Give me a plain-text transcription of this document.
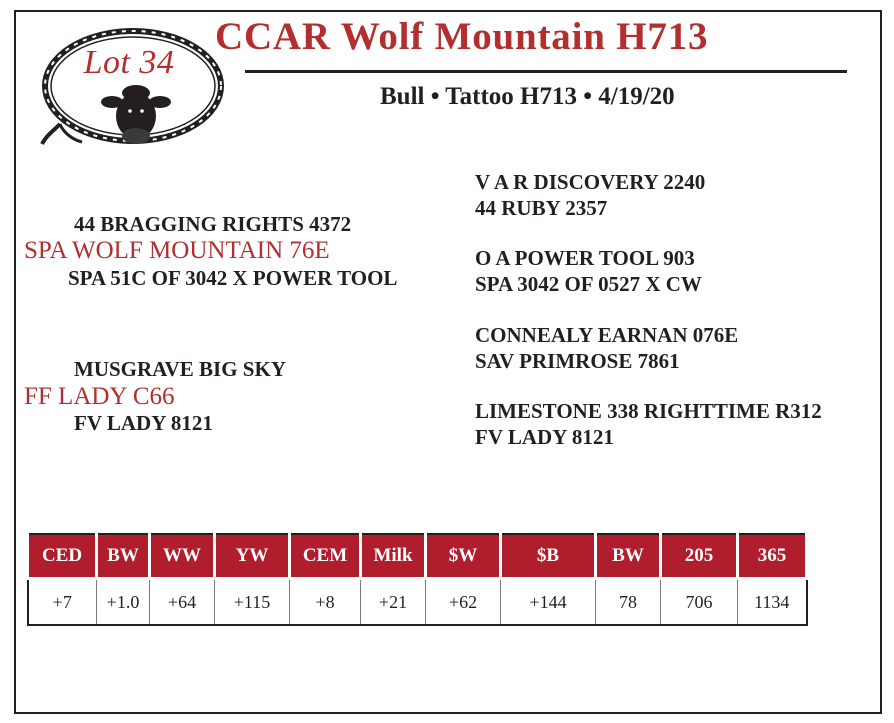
Lot 34
CCAR Wolf Mountain H713
Bull • Tattoo H713 • 4/19/20
V A R DISCOVERY 2240
44 RUBY 2357
44 BRAGGING RIGHTS 4372
SPA WOLF MOUNTAIN 76E	O A POWER TOOL 903
SPA 51C OF 3042 X POWER TOOL	SPA 3042 OF 0527 X CW
CONNEALY EARNAN 076E
SAV PRIMROSE 7861
MUSGRAVE BIG SKY
FF LADY C66
LIMESTONE 338 RIGHTTIME R312
FV LADY 8121
FV LADY 8121
CED	BW	WW	YW	CEM	Milk	$W	$B	BW	205	365
+7	+1.0	+64	+115	+8	+21	+62	+144	78	706	1134
